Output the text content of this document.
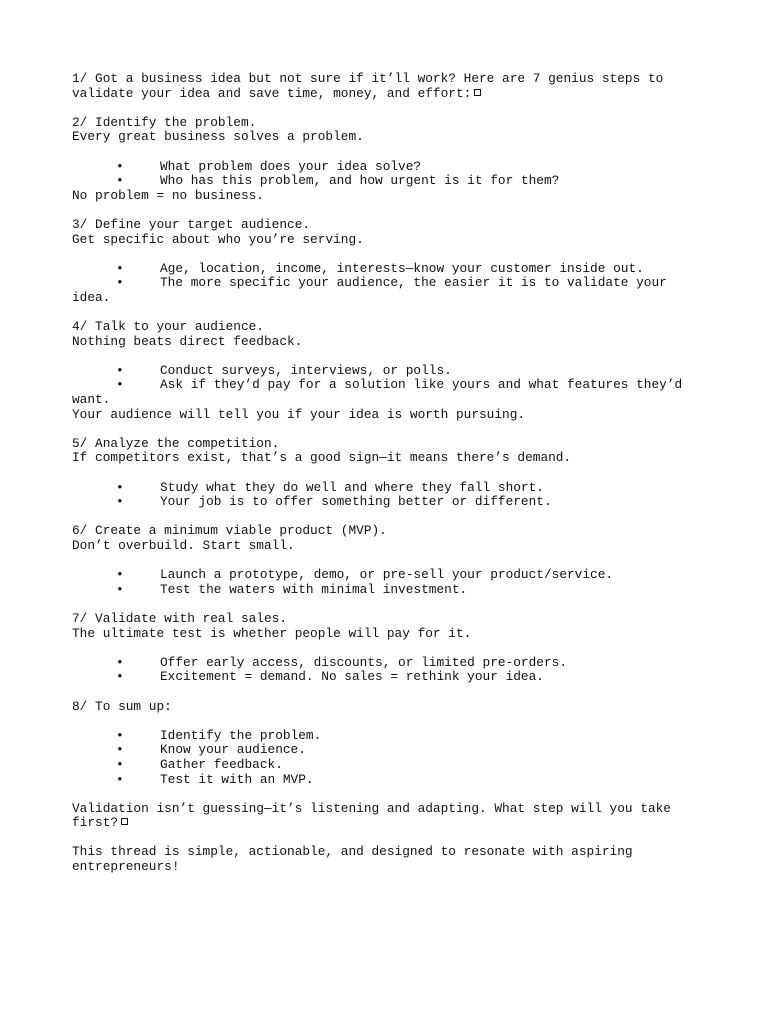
1/ Got a business idea but not sure if it’ll work? Here are 7 genius steps to
validate your idea and save time, money, and effort:
2/ Identify the problem.
Every great business solves a problem.
•	What problem does your idea solve?
•	Who has this problem, and how urgent is it for them?
No problem = no business.
3/ Define your target audience.
Get specific about who you’re serving.
•	Age, location, income, interests—know your customer inside out.
•	The more specific your audience, the easier it is to validate your
idea.
4/ Talk to your audience.
Nothing beats direct feedback.
•	Conduct surveys, interviews, or polls.
•	Ask if they’d pay for a solution like yours and what features they’d
want.
Your audience will tell you if your idea is worth pursuing.
5/ Analyze the competition.
If competitors exist, that’s a good sign—it means there’s demand.
•	Study what they do well and where they fall short.
•	Your job is to offer something better or different.
6/ Create a minimum viable product (MVP).
Don’t overbuild. Start small.
•	Launch a prototype, demo, or pre-sell your product/service.
•	Test the waters with minimal investment.
7/ Validate with real sales.
The ultimate test is whether people will pay for it.
•	Offer early access, discounts, or limited pre-orders.
•	Excitement = demand. No sales = rethink your idea.
8/ To sum up:
•	Identify the problem.
•	Know your audience.
•	Gather feedback.
•	Test it with an MVP.
Validation isn’t guessing—it’s listening and adapting. What step will you take
first?
This thread is simple, actionable, and designed to resonate with aspiring
entrepreneurs!
